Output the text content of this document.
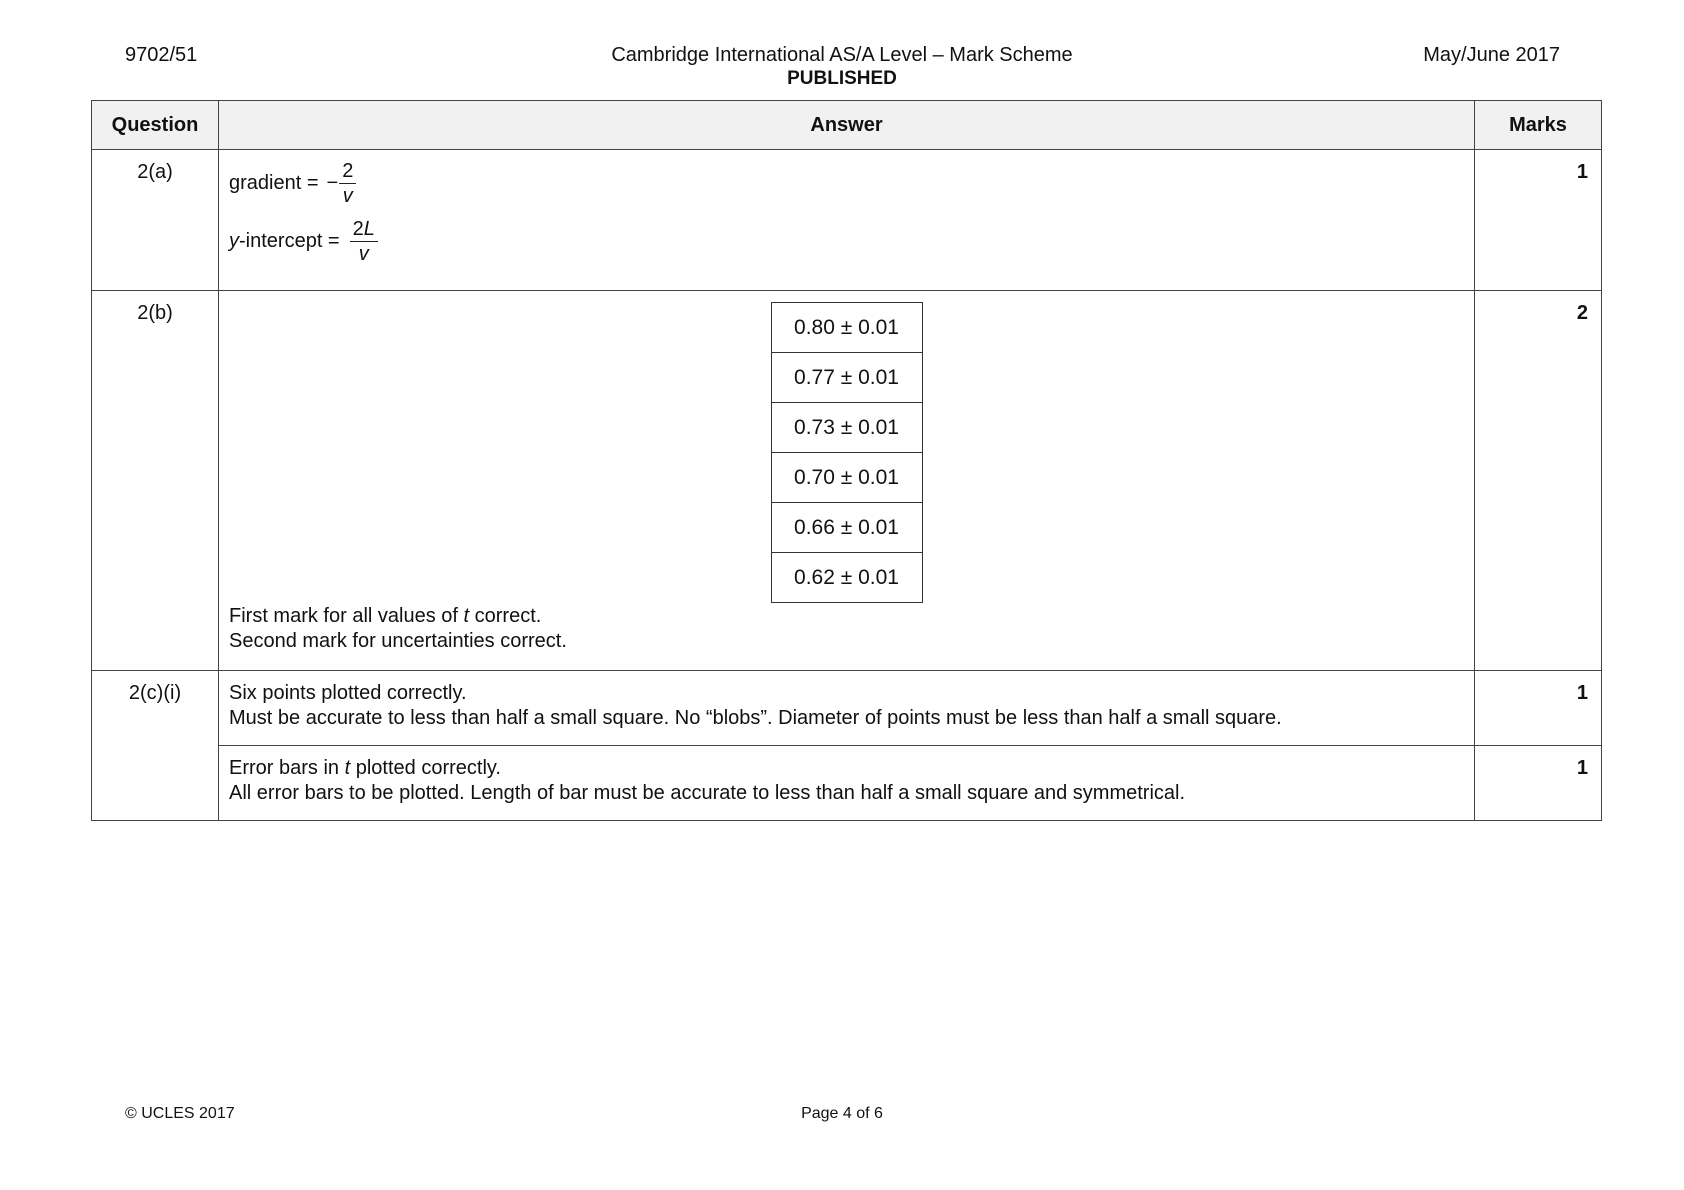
9702/51	Cambridge International AS/A Level – Mark Scheme
PUBLISHED
May/June 2017
Question	Answer	Marks
2(a)	gradient = − $\frac{2}{v}$
y -intercept = $\frac{2L}{v}$
	1
2(b)	
0.80 ± 0.01
0.77 ± 0.01
0.73 ± 0.01
0.70 ± 0.01
0.66 ± 0.01
0.62 ± 0.01
First mark for all values of t correct.
Second mark for uncertainties correct.
	2
2(c)(i)	Six points plotted correctly.
Must be accurate to less than half a small square. No “blobs”. Diameter of points must be less than half a small square.
	1

Error bars in t plotted correctly.
All error bars to be plotted. Length of bar must be accurate to less than half a small square and symmetrical.
	1
© UCLES 2017	Page 4 of 6
